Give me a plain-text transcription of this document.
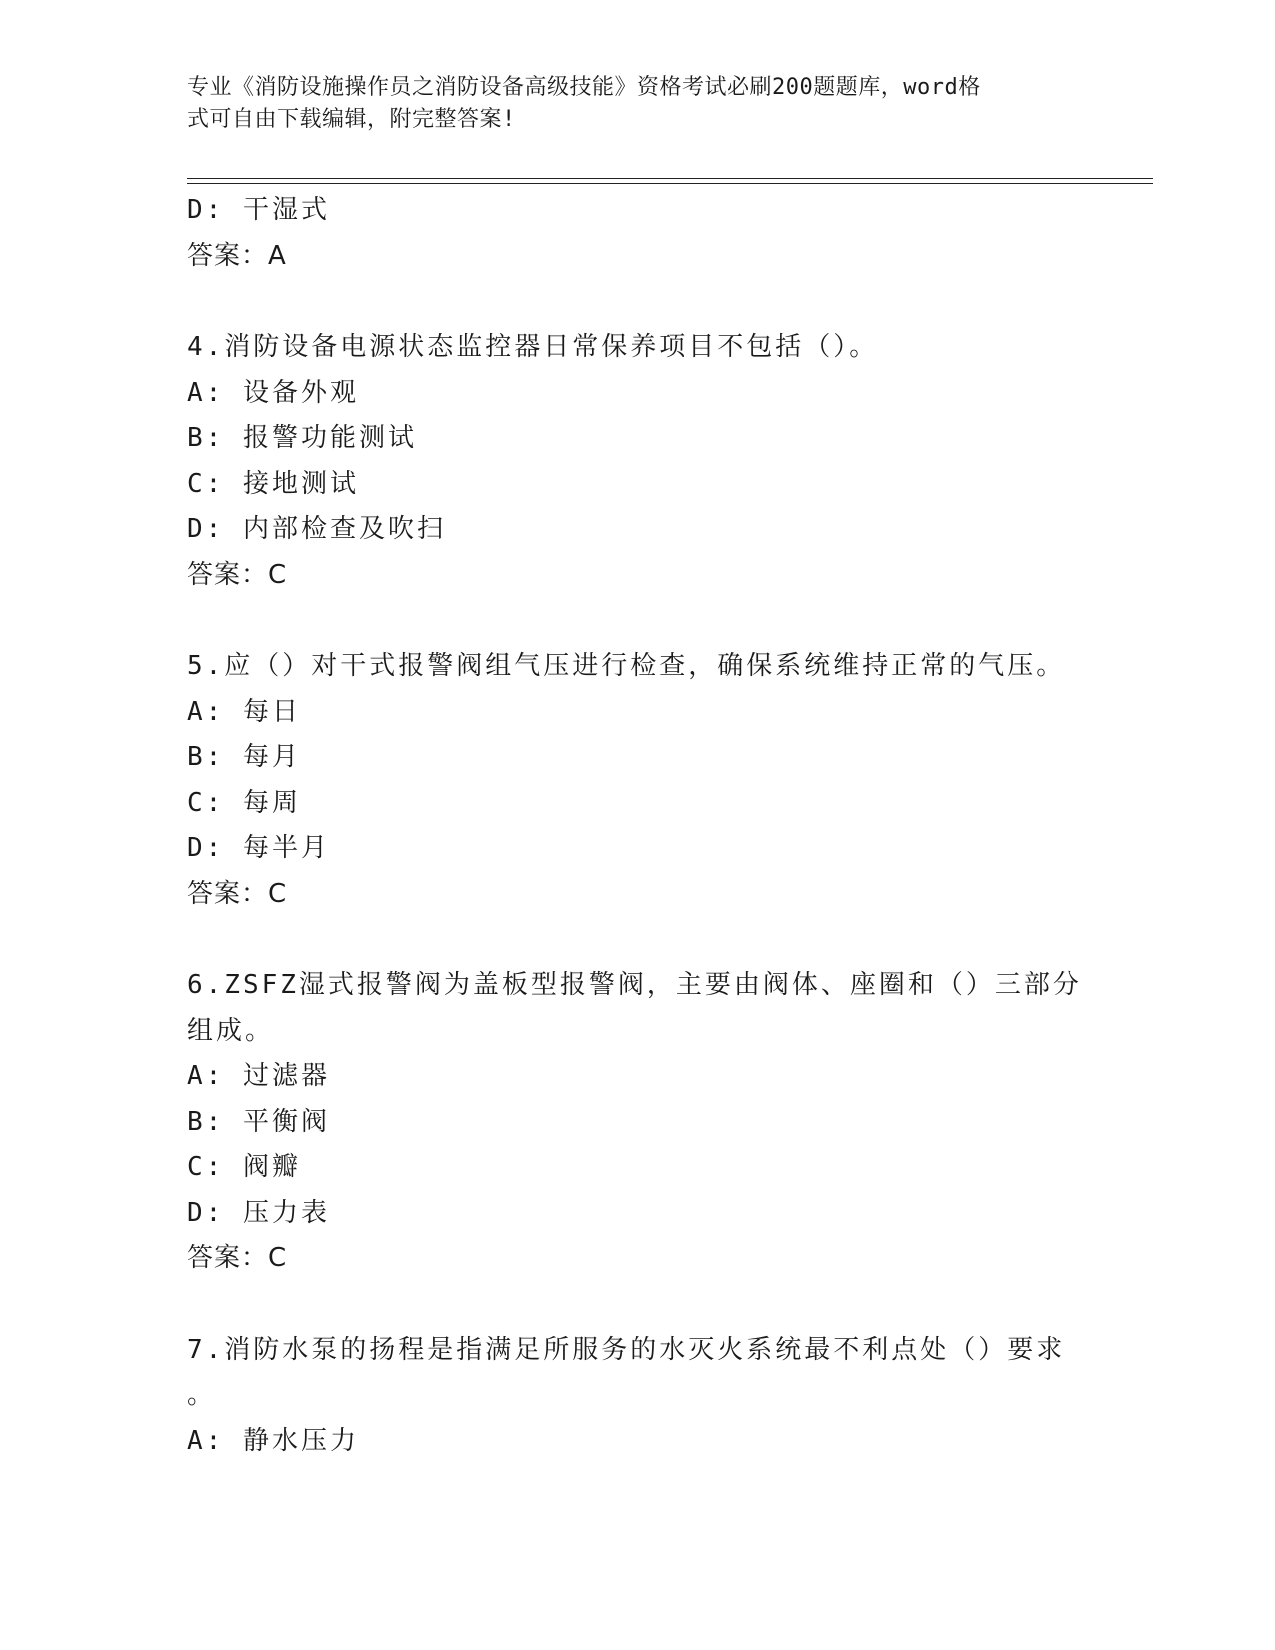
专业《消防设施操作员之消防设备高级技能》资格考试必刷200题题库，word格
式可自由下载编辑，附完整答案!
D: 干湿式
答案：A
4.消防设备电源状态监控器日常保养项目不包括（）。
A: 设备外观
B: 报警功能测试
C: 接地测试
D: 内部检查及吹扫
答案：C
5.应（）对干式报警阀组气压进行检查，确保系统维持正常的气压。
A: 每日
B: 每月
C: 每周
D: 每半月
答案：C
6.ZSFZ湿式报警阀为盖板型报警阀，主要由阀体、座圈和（）三部分
组成。
A: 过滤器
B: 平衡阀
C: 阀瓣
D: 压力表
答案：C
7.消防水泵的扬程是指满足所服务的水灭火系统最不利点处（）要求
。
A: 静水压力
